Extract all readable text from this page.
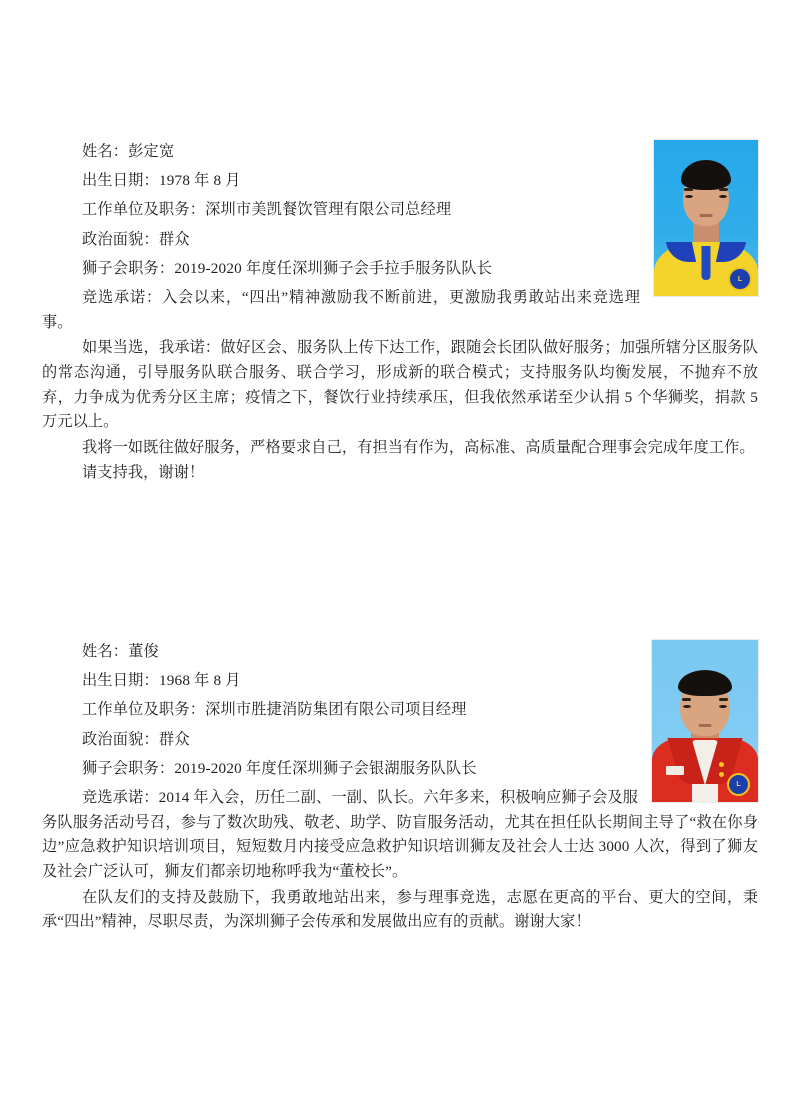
L
姓名：彭定宽
出生日期：1978 年 8 月
工作单位及职务：深圳市美凯餐饮管理有限公司总经理
政治面貌：群众
狮子会职务：2019-2020 年度任深圳狮子会手拉手服务队队长

竞选承诺：入会以来，“四出”精神激励我不断前进，更激励我勇敢站出来竞选理事。

如果当选，我承诺：做好区会、服务队上传下达工作，跟随会长团队做好服务；加强所辖分区服务队的常态沟通，引导服务队联合服务、联合学习，形成新的联合模式；支持服务队均衡发展，不抛弃不放弃，力争成为优秀分区主席；疫情之下，餐饮行业持续承压，但我依然承诺至少认捐 5 个华狮奖，捐款 5 万元以上。

我将一如既往做好服务，严格要求自己，有担当有作为，高标准、高质量配合理事会完成年度工作。

请支持我，谢谢！

L
姓名：董俊
出生日期：1968 年 8 月
工作单位及职务：深圳市胜捷消防集团有限公司项目经理
政治面貌：群众
狮子会职务：2019-2020 年度任深圳狮子会银湖服务队队长

竞选承诺：2014 年入会，历任二副、一副、队长。六年多来，积极响应狮子会及服务队服务活动号召，参与了数次助残、敬老、助学、防盲服务活动，尤其在担任队长期间主导了“救在你身边”应急救护知识培训项目，短短数月内接受应急救护知识培训狮友及社会人士达 3000 人次，得到了狮友及社会广泛认可，狮友们都亲切地称呼我为“董校长”。

在队友们的支持及鼓励下，我勇敢地站出来，参与理事竞选，志愿在更高的平台、更大的空间，秉承“四出”精神，尽职尽责，为深圳狮子会传承和发展做出应有的贡献。谢谢大家！
